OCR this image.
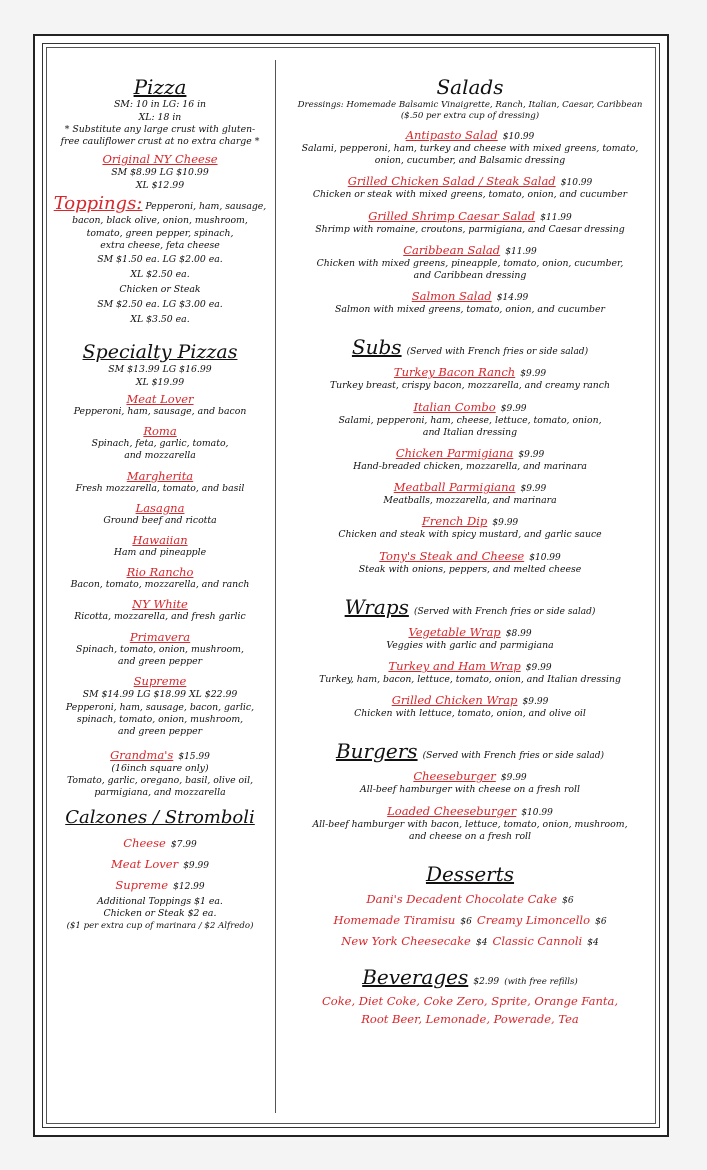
Pizza
SM: 10 in LG: 16 in
XL: 18 in
* Substitute any large crust with gluten-
free cauliflower crust at no extra charge *
Original NY Cheese
SM $8.99 LG $10.99
XL $12.99
Toppings: Pepperoni, ham, sausage,
bacon, black olive, onion, mushroom,
tomato, green pepper, spinach,
extra cheese, feta cheese
SM $1.50 ea. LG $2.00 ea.
XL $2.50 ea.
Chicken or Steak
SM $2.50 ea. LG $3.00 ea.
XL $3.50 ea.
Specialty Pizzas
SM $13.99 LG $16.99
XL $19.99
Meat Lover
Pepperoni, ham, sausage, and bacon
Roma
Spinach, feta, garlic, tomato,
and mozzarella
Margherita
Fresh mozzarella, tomato, and basil
Lasagna
Ground beef and ricotta
Hawaiian
Ham and pineapple
Rio Rancho
Bacon, tomato, mozzarella, and ranch
NY White
Ricotta, mozzarella, and fresh garlic
Primavera
Spinach, tomato, onion, mushroom,
and green pepper
Supreme
SM $14.99 LG $18.99 XL $22.99
Pepperoni, ham, sausage, bacon, garlic,
spinach, tomato, onion, mushroom,
and green pepper
Grandma's $15.99
(16inch square only)
Tomato, garlic, oregano, basil, olive oil,
parmigiana, and mozzarella
Calzones / Stromboli
Cheese $7.99
Meat Lover $9.99
Supreme $12.99
Additional Toppings $1 ea.
Chicken or Steak $2 ea.
($1 per extra cup of marinara / $2 Alfredo)
Salads
Dressings: Homemade Balsamic Vinaigrette, Ranch, Italian, Caesar, Caribbean
($.50 per extra cup of dressing)
Antipasto Salad $10.99
Salami, pepperoni, ham, turkey and cheese with mixed greens, tomato,
onion, cucumber, and Balsamic dressing
Grilled Chicken Salad / Steak Salad $10.99
Chicken or steak with mixed greens, tomato, onion, and cucumber
Grilled Shrimp Caesar Salad $11.99
Shrimp with romaine, croutons, parmigiana, and Caesar dressing
Caribbean Salad $11.99
Chicken with mixed greens, pineapple, tomato, onion, cucumber,
and Caribbean dressing
Salmon Salad $14.99
Salmon with mixed greens, tomato, onion, and cucumber
Subs (Served with French fries or side salad)
Turkey Bacon Ranch $9.99
Turkey breast, crispy bacon, mozzarella, and creamy ranch
Italian Combo $9.99
Salami, pepperoni, ham, cheese, lettuce, tomato, onion,
and Italian dressing
Chicken Parmigiana $9.99
Hand-breaded chicken, mozzarella, and marinara
Meatball Parmigiana $9.99
Meatballs, mozzarella, and marinara
French Dip $9.99
Chicken and steak with spicy mustard, and garlic sauce
Tony's Steak and Cheese $10.99
Steak with onions, peppers, and melted cheese
Wraps (Served with French fries or side salad)
Vegetable Wrap $8.99
Veggies with garlic and parmigiana
Turkey and Ham Wrap $9.99
Turkey, ham, bacon, lettuce, tomato, onion, and Italian dressing
Grilled Chicken Wrap $9.99
Chicken with lettuce, tomato, onion, and olive oil
Burgers (Served with French fries or side salad)
Cheeseburger $9.99
All-beef hamburger with cheese on a fresh roll
Loaded Cheeseburger $10.99
All-beef hamburger with bacon, lettuce, tomato, onion, mushroom,
and cheese on a fresh roll
Desserts
Dani's Decadent Chocolate Cake $6
Homemade Tiramisu $6 Creamy Limoncello $6
New York Cheesecake $4 Classic Cannoli $4
Beverages $2.99 (with free refills)
Coke, Diet Coke, Coke Zero, Sprite, Orange Fanta,
Root Beer, Lemonade, Powerade, Tea
